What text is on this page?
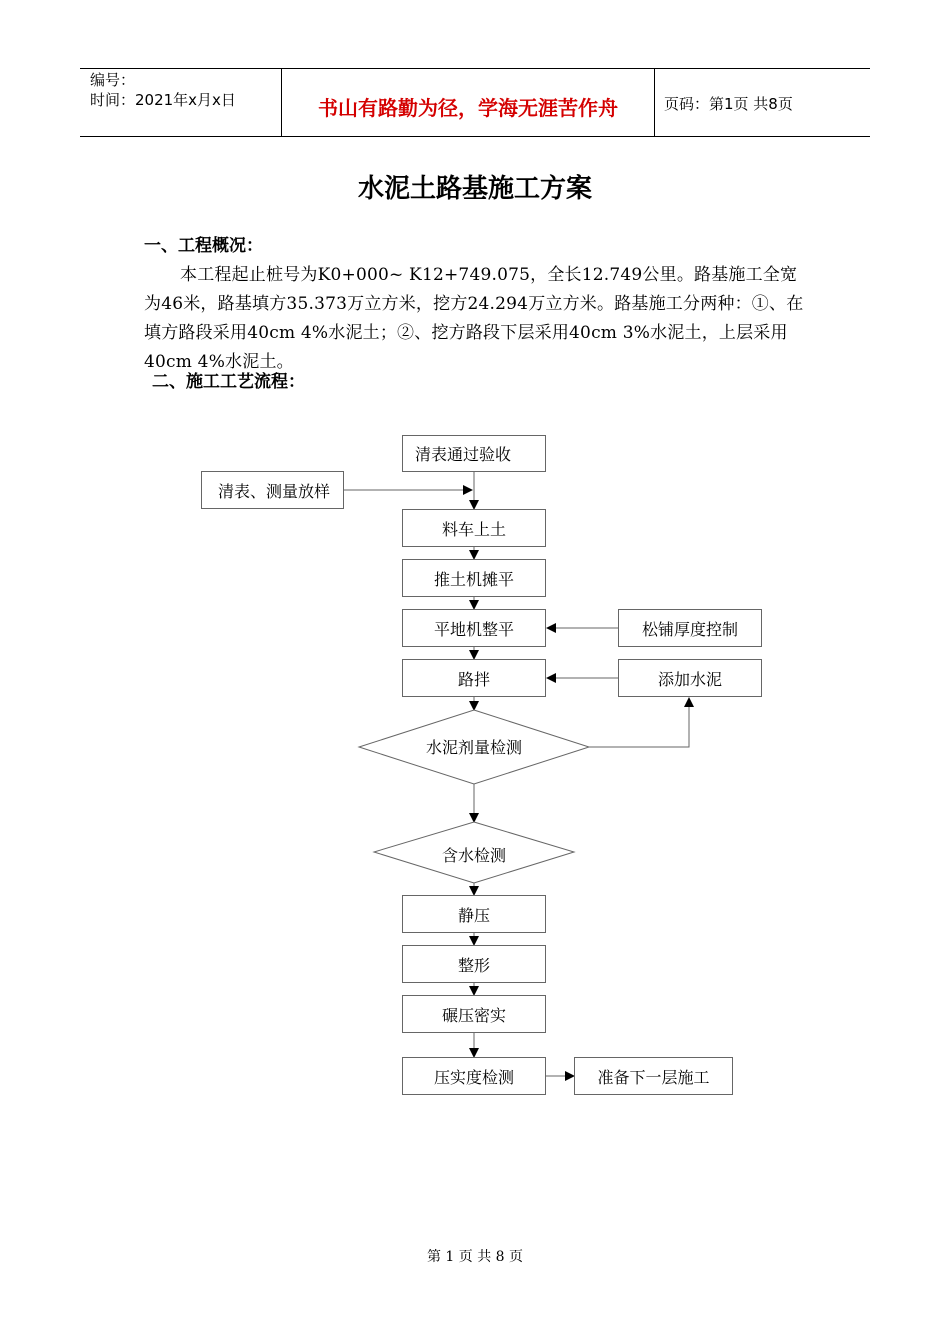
编号：
时间：2021年x月x日	书山有路勤为径，学海无涯苦作舟	页码：第1页 共8页
水泥土路基施工方案
一、工程概况：
本工程起止桩号为K0+000~ K12+749.075，全长12.749公里。路基施工全宽为46米，路基填方35.373万立方米，挖方24.294万立方米。路基施工分两种：①、在填方路段采用40cm 4%水泥土；②、挖方路段下层采用40cm 3%水泥土，上层采用40cm 4%水泥土。
二、施工工艺流程：
清表通过验收
清表、测量放样
料车上土
推土机摊平
平地机整平	松铺厚度控制
路拌	添加水泥
水泥剂量检测
含水检测
静压
整形
碾压密实
压实度检测	准备下一层施工
第 1 页 共 8 页
